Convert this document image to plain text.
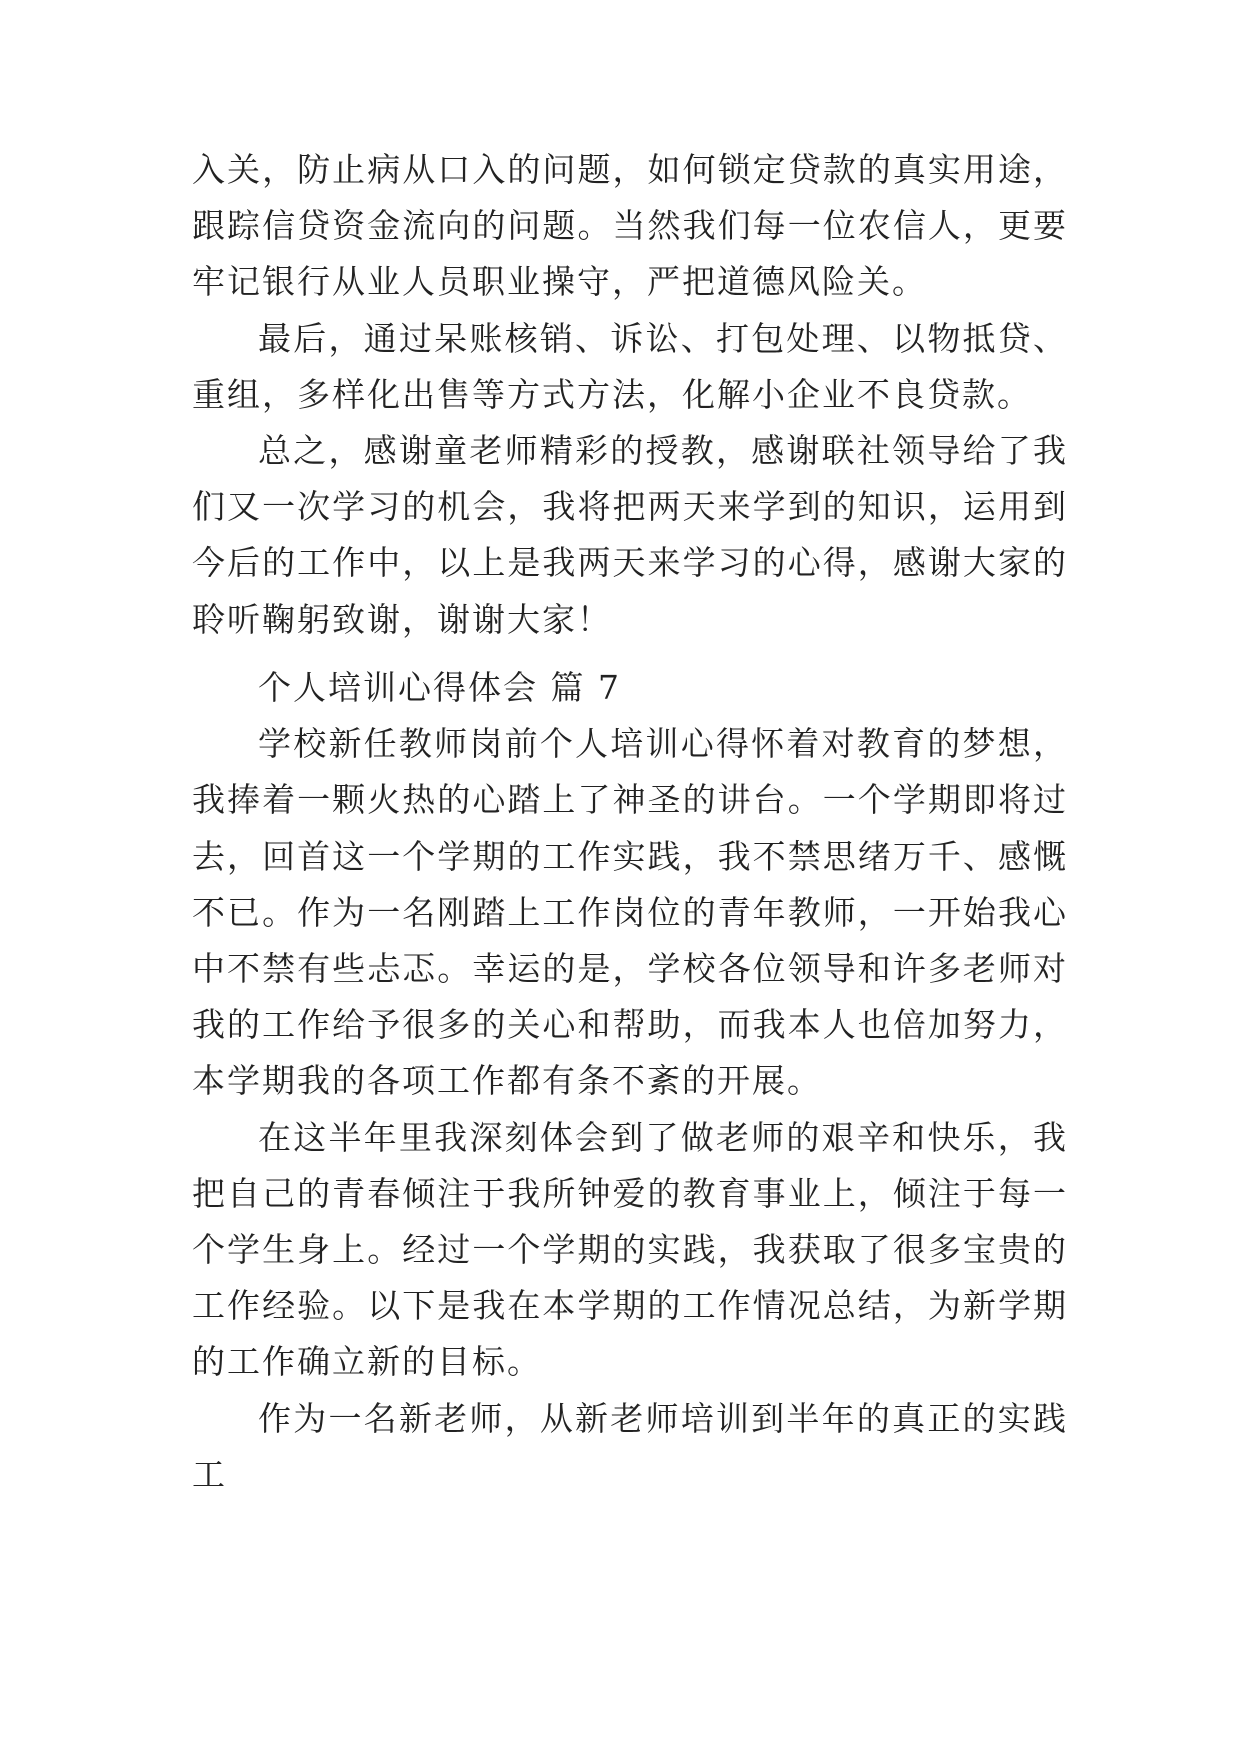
入关，防止病从口入的问题，如何锁定贷款的真实用途，跟踪信贷资金流向的问题。当然我们每一位农信人，更要牢记银行从业人员职业操守，严把道德风险关。

最后，通过呆账核销、诉讼、打包处理、以物抵贷、重组，多样化出售等方式方法，化解小企业不良贷款。

总之，感谢童老师精彩的授教，感谢联社领导给了我们又一次学习的机会，我将把两天来学到的知识，运用到今后的工作中，以上是我两天来学习的心得，感谢大家的聆听鞠躬致谢，谢谢大家！

个人培训心得体会 篇 7

学校新任教师岗前个人培训心得怀着对教育的梦想，我捧着一颗火热的心踏上了神圣的讲台。一个学期即将过去，回首这一个学期的工作实践，我不禁思绪万千、感慨不已。作为一名刚踏上工作岗位的青年教师，一开始我心中不禁有些忐忑。幸运的是，学校各位领导和许多老师对我的工作给予很多的关心和帮助，而我本人也倍加努力，本学期我的各项工作都有条不紊的开展。

在这半年里我深刻体会到了做老师的艰辛和快乐，我把自己的青春倾注于我所钟爱的教育事业上，倾注于每一个学生身上。经过一个学期的实践，我获取了很多宝贵的工作经验。以下是我在本学期的工作情况总结，为新学期的工作确立新的目标。

作为一名新老师，从新老师培训到半年的真正的实践工
